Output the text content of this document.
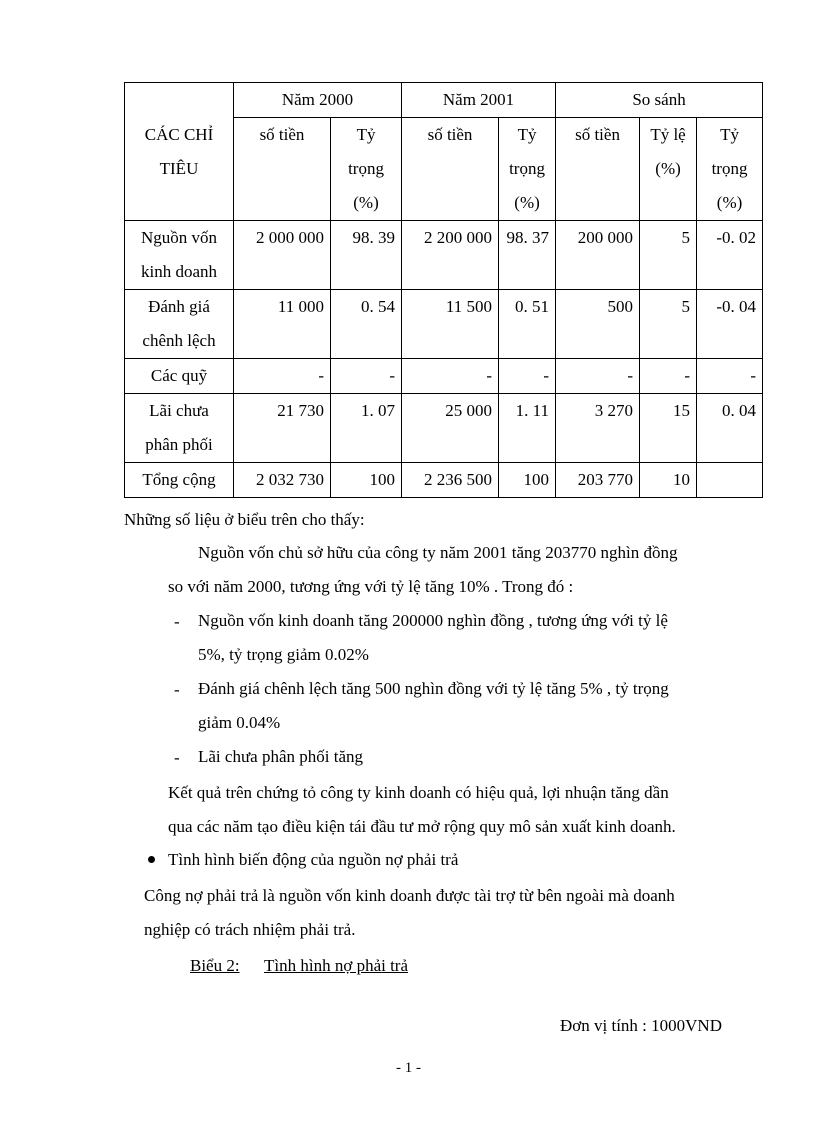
CÁC CHỈ TIÊU	Năm 2000		Năm 2001		So sánh		
	số tiền	Tỷ trọng (%)	số tiền	Tỷ trọng (%)	số tiền	Tỷ lệ (%)	Tỷ trọng (%)
Nguồn vốn kinh doanh	2 000 000	98. 39	2 200 000	98. 37	200 000	5	-0. 02
Đánh giá chênh lệch	11 000	0. 54	11 500	0. 51	500	5	-0. 04
Các quỹ	-	-	-	-	-	-	-
Lãi chưa phân phối	21 730	1. 07	25 000	1. 11	3 270	15	0. 04
Tổng cộng	2 032 730	100	2 236 500	100	203 770	10	

Những số liệu ở biểu trên cho thấy:

Nguồn vốn chủ sở hữu của công ty năm 2001 tăng 203770 nghìn đồng

so với năm 2000, tương ứng với tỷ lệ tăng 10% . Trong đó :

- Nguồn vốn kinh doanh tăng 200000 nghìn đồng , tương ứng với tỷ lệ

5%, tỷ trọng giảm 0.02%

- Đánh giá chênh lệch tăng 500 nghìn đồng với tỷ lệ tăng 5% , tỷ trọng

giảm 0.04%

- Lãi chưa phân phối tăng

Kết quả trên chứng tỏ công ty kinh doanh có hiệu quả, lợi nhuận tăng dần

qua các năm tạo điều kiện tái đầu tư mở rộng quy mô sản xuất kinh doanh.

Tình hình biến động của nguồn nợ phải trả

Công nợ phải trả là nguồn vốn kinh doanh được tài trợ từ bên ngoài mà doanh

nghiệp có trách nhiệm phải trả.

Biểu 2: Tình hình nợ phải trả

Đơn vị tính : 1000VND

- 1 -
